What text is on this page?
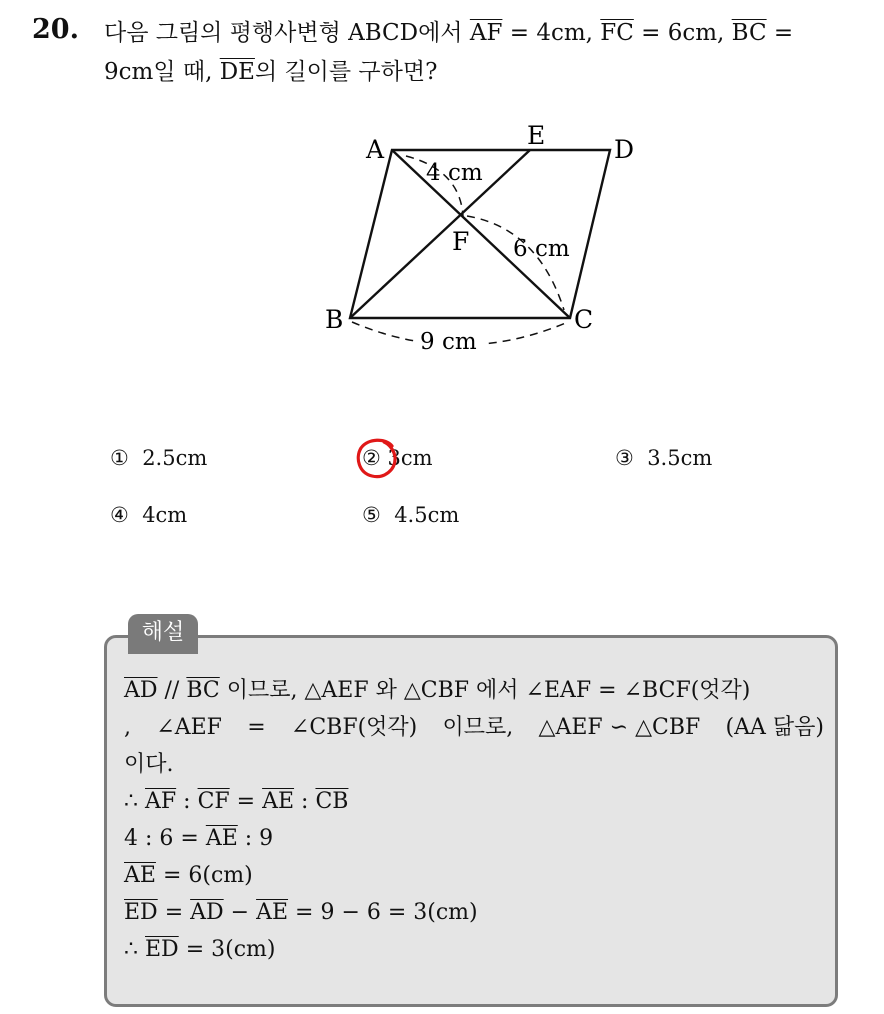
20. 다음 그림의 평행사변형 ABCD에서 $\overline{AF} = 4cm$, $\overline{FC} = 6cm$, $\overline{BC}$ =
9cm일 때, $\overline{DE}$의 길이를 구하면?
A	E	D
B	C
F
4 cm
6 cm
9 cm
① 2.5cm	② 3cm	③ 3.5cm
④ 4cm	⑤ 4.5cm
해설
$\overline{AD} // \overline{BC}$ 이므로, △AEF 와 △CBF 에서 ∠EAF = ∠BCF(엇각)
, ∠AEF = ∠CBF(엇각) 이므로, △AEF ∽ △CBF (AA 닮음)
이다.
∴ $\overline{AF}$ : $\overline{CF} = \overline{AE}$ : $\overline{CB}$
4 : $6 = \overline{AE}$ : 9
$\overline{AE} = 6(cm)$
$\overline{ED} = \overline{AD} - \overline{AE} = 9 - 6 = 3(cm)$
∴ $\overline{ED} = 3(cm)$
